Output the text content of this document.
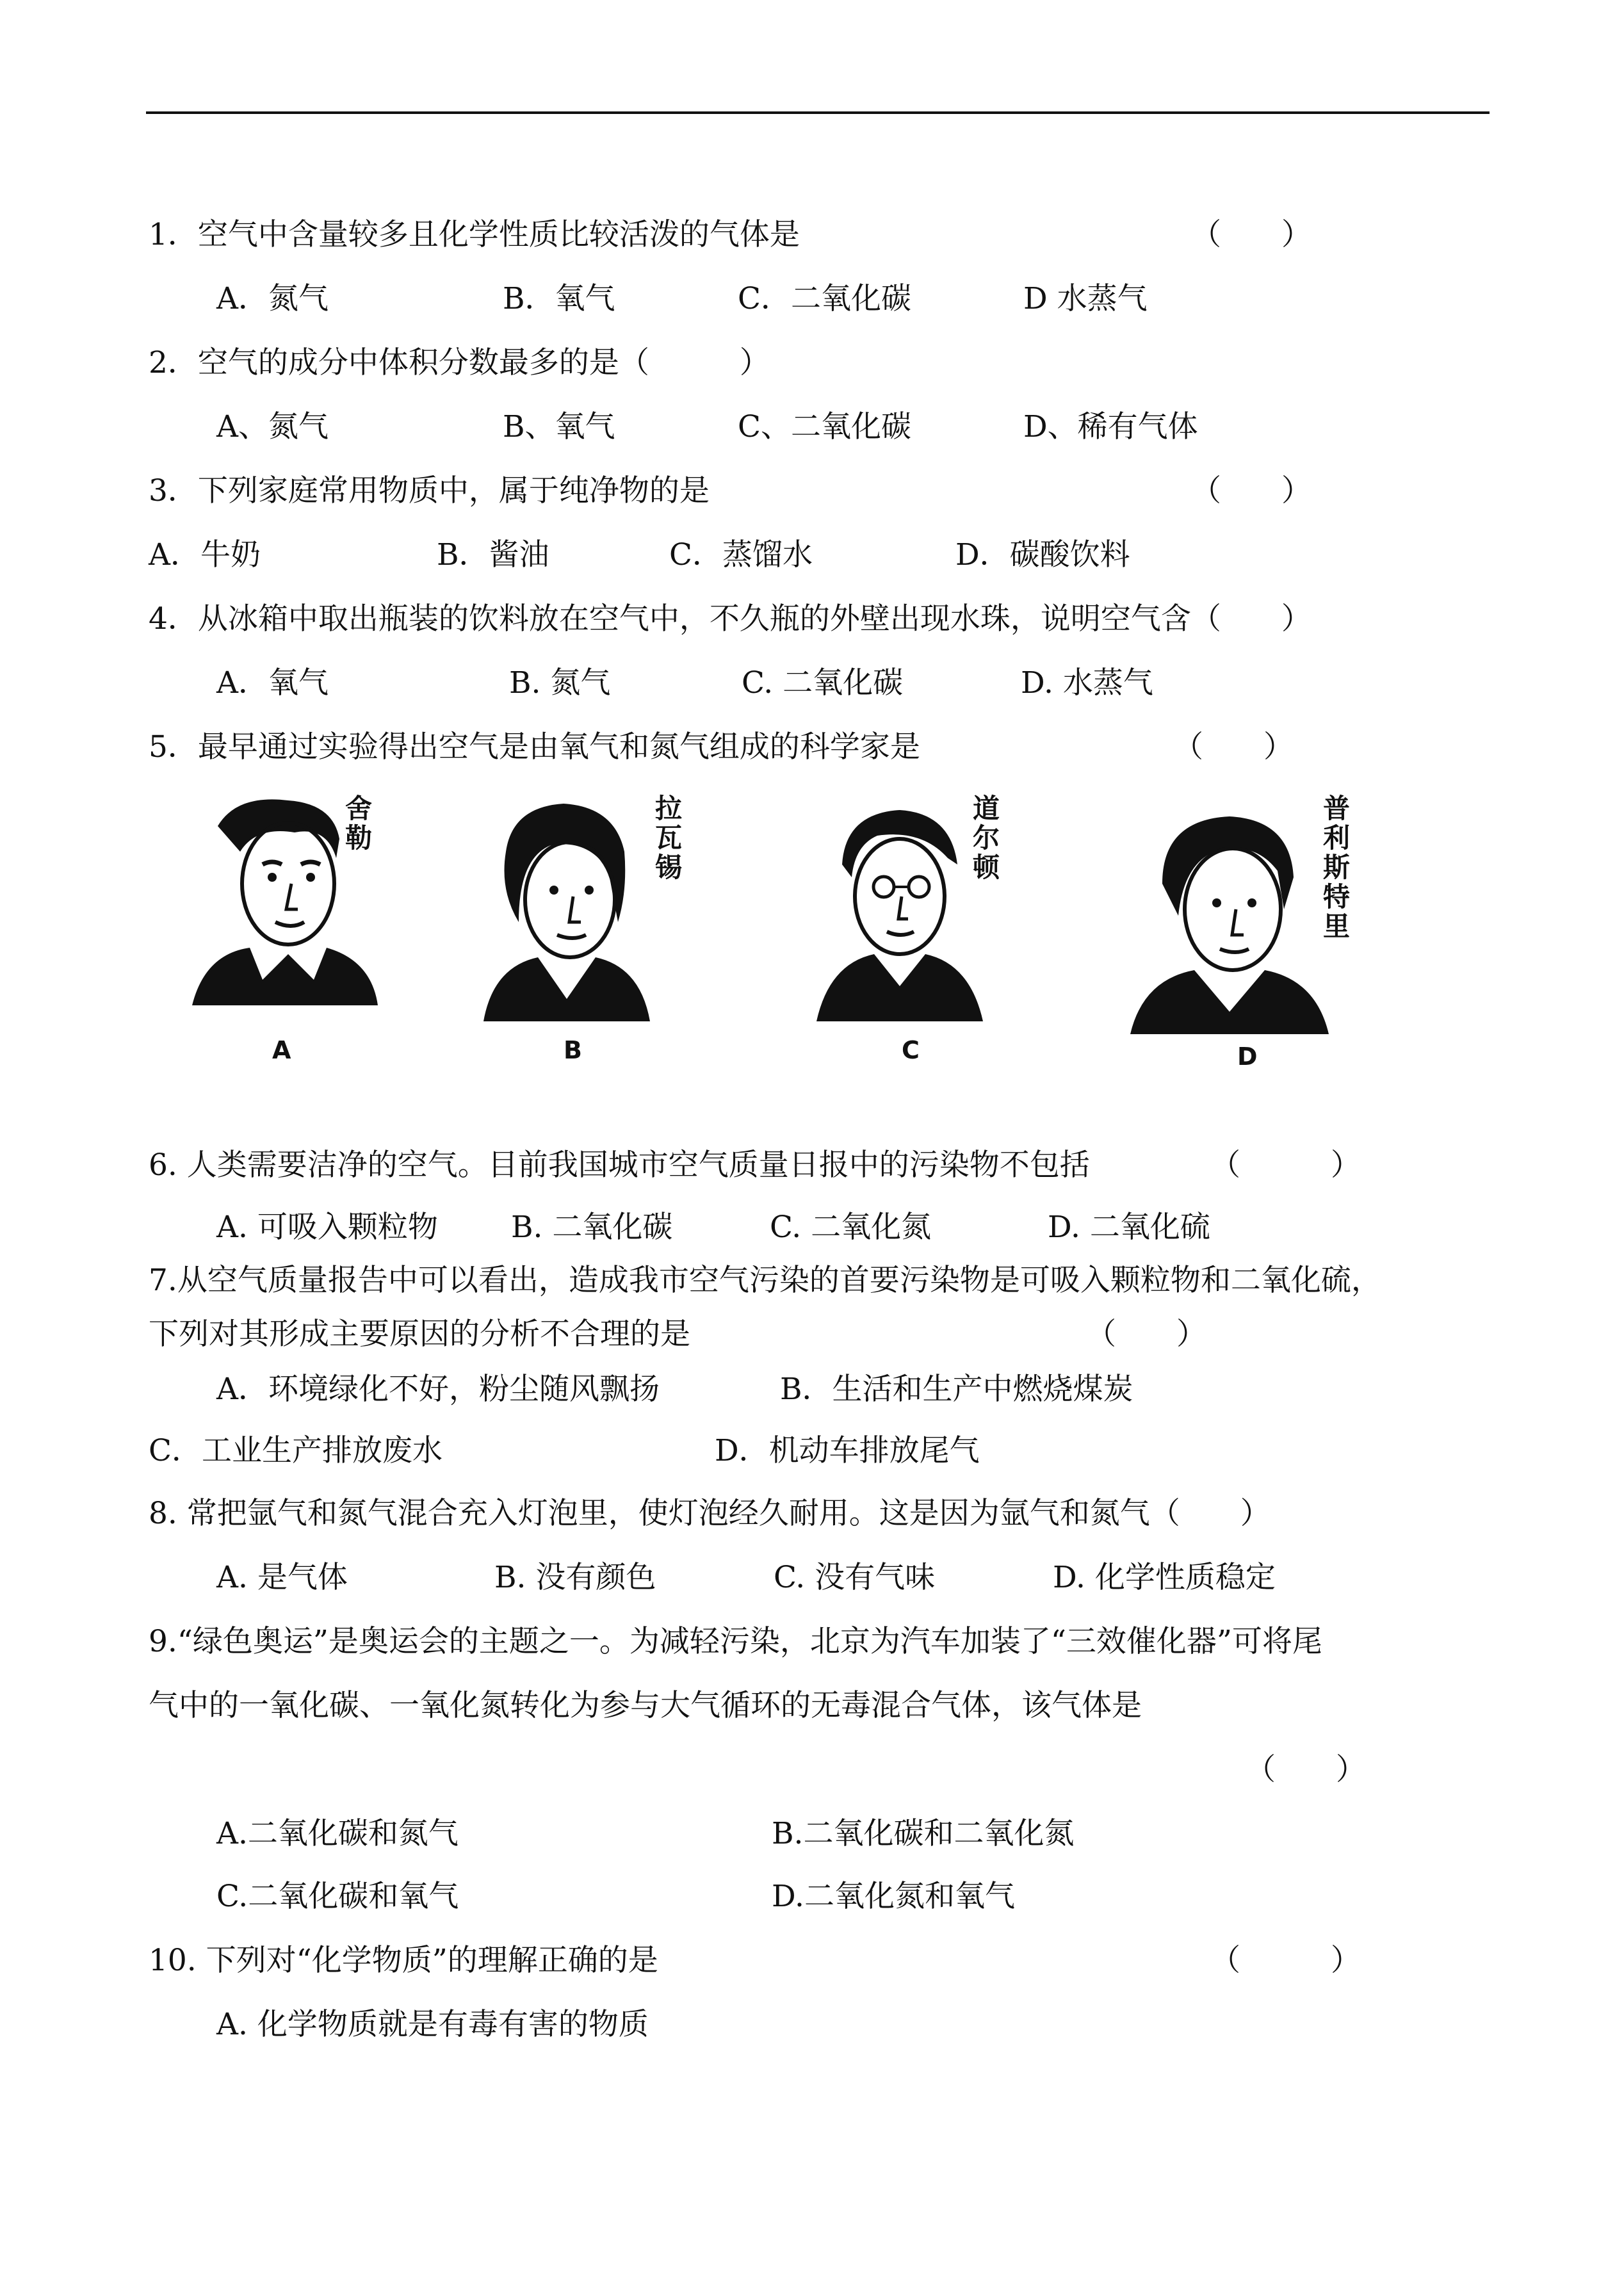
1．空气中含量较多且化学性质比较活泼的气体是	（　　）
A．氮气	B．氧气	C．二氧化碳	D 水蒸气
2．空气的成分中体积分数最多的是（　　　）
A、氮气	B、氧气	C、二氧化碳	D、稀有气体
3．下列家庭常用物质中，属于纯净物的是	（　　）
A．牛奶	B．酱油	C．蒸馏水	D．碳酸饮料
4．从冰箱中取出瓶装的饮料放在空气中，不久瓶的外壁出现水珠，说明空气含（　　）
A．氧气	B. 氮气	C. 二氧化碳	D. 水蒸气
5．最早通过实验得出空气是由氧气和氮气组成的科学家是	（　　）
舍
勒
A
拉
瓦
锡
B
道
尔
顿
C
普
利
斯
特
里
D
6. 人类需要洁净的空气。目前我国城市空气质量日报中的污染物不包括	（　　　）
A. 可吸入颗粒物 B. 二氧化碳	C. 二氧化氮	D. 二氧化硫
7.从空气质量报告中可以看出，造成我市空气污染的首要污染物是可吸入颗粒物和二氧化硫，
下列对其形成主要原因的分析不合理的是	（　　）
A．环境绿化不好，粉尘随风飘扬	B．生活和生产中燃烧煤炭
C．工业生产排放废水	D．机动车排放尾气
8. 常把氩气和氮气混合充入灯泡里，使灯泡经久耐用。这是因为氩气和氮气（　　）
A. 是气体	B. 没有颜色	C. 没有气味	D. 化学性质稳定
9.“绿色奥运”是奥运会的主题之一。为减轻污染，北京为汽车加装了“三效催化器”可将尾
气中的一氧化碳、一氧化氮转化为参与大气循环的无毒混合气体，该气体是
（　　）
A.二氧化碳和氮气	B.二氧化碳和二氧化氮
C.二氧化碳和氧气	D.二氧化氮和氧气
10. 下列对“化学物质”的理解正确的是	（　　　）
A. 化学物质就是有毒有害的物质
